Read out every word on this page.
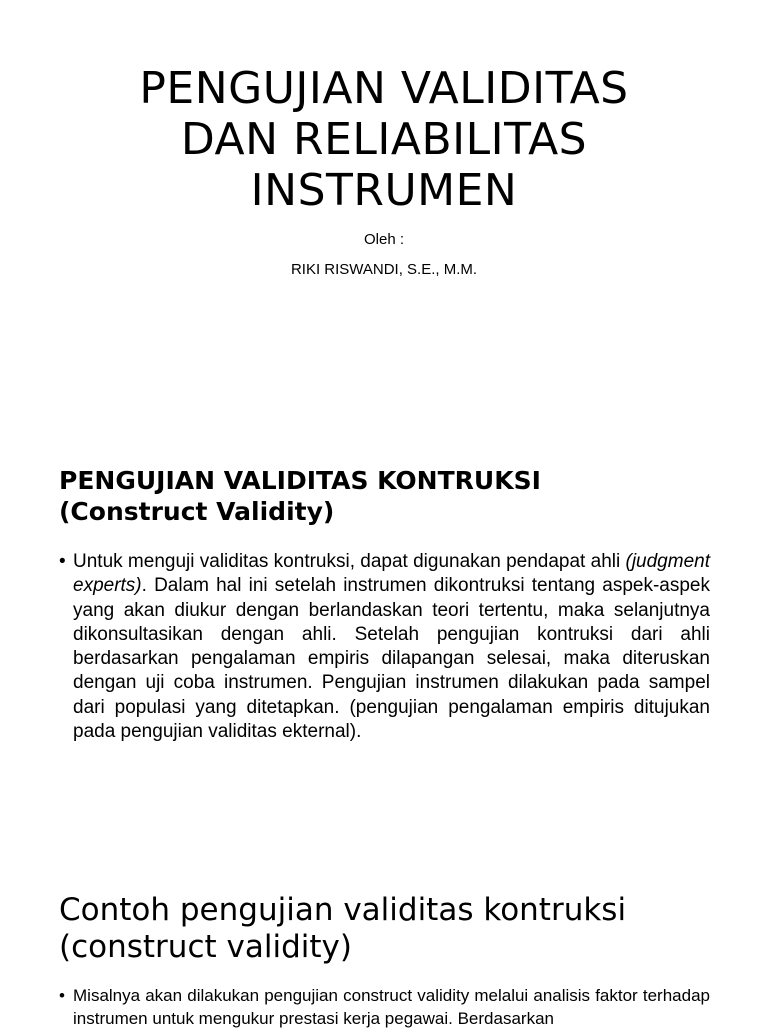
PENGUJIAN VALIDITAS
DAN RELIABILITAS
INSTRUMEN
Oleh :
RIKI RISWANDI, S.E., M.M.
PENGUJIAN VALIDITAS KONTRUKSI
(Construct Validity)
• Untuk menguji validitas kontruksi, dapat digunakan pendapat ahli (judgment experts). Dalam hal ini setelah instrumen dikontruksi tentang aspek-aspek yang akan diukur dengan berlandaskan teori tertentu, maka selanjutnya dikonsultasikan dengan ahli. Setelah pengujian kontruksi dari ahli berdasarkan pengalaman empiris dilapangan selesai, maka diteruskan dengan uji coba instrumen. Pengujian instrumen dilakukan pada sampel dari populasi yang ditetapkan. (pengujian pengalaman empiris ditujukan pada pengujian validitas ekternal).
Contoh pengujian validitas kontruksi
(construct validity)
• Misalnya akan dilakukan pengujian construct validity melalui analisis faktor terhadap instrumen untuk mengukur prestasi kerja pegawai. Berdasarkan
